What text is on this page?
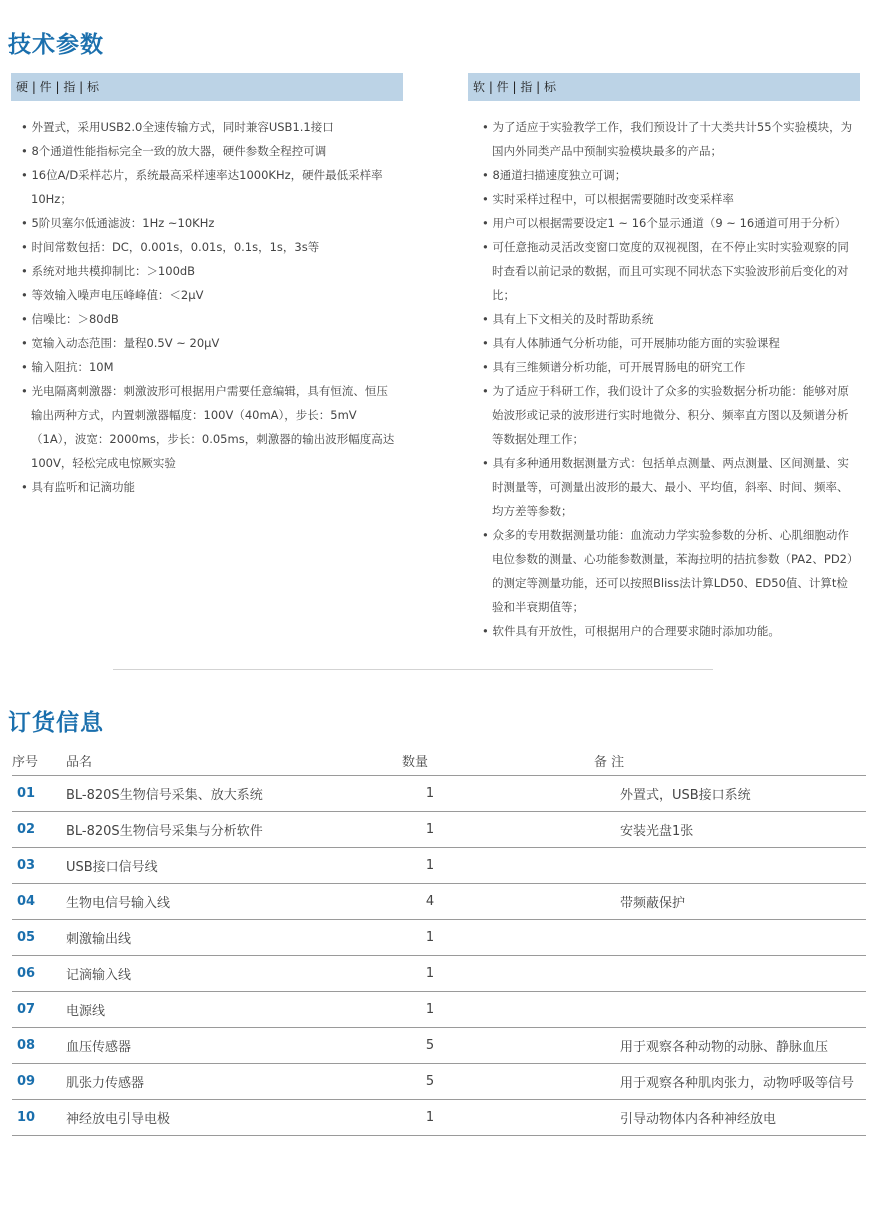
技术参数
硬 | 件 | 指 | 标
• 外置式，采用USB2.0全速传输方式，同时兼容USB1.1接口
• 8个通道性能指标完全一致的放大器，硬件参数全程控可调
• 16位A/D采样芯片，系统最高采样速率达1000KHz，硬件最低采样率10Hz；
• 5阶贝塞尔低通滤波：1Hz ~10KHz
• 时间常数包括：DC，0.001s，0.01s，0.1s，1s，3s等
• 系统对地共模抑制比：＞100dB
• 等效输入噪声电压峰峰值：＜2μV
• 信噪比：＞80dB
• 宽输入动态范围：量程0.5V ~ 20μV
• 输入阻抗：10M
• 光电隔离刺激器：刺激波形可根据用户需要任意编辑，具有恒流、恒压输出两种方式，内置刺激器幅度：100V（40mA），步长：5mV（1A），波宽：2000ms，步长：0.05ms，刺激器的输出波形幅度高达100V，轻松完成电惊厥实验
• 具有监听和记滴功能
软 | 件 | 指 | 标
• 为了适应于实验教学工作，我们预设计了十大类共计55个实验模块，为国内外同类产品中预制实验模块最多的产品；
• 8通道扫描速度独立可调；
• 实时采样过程中，可以根据需要随时改变采样率
• 用户可以根据需要设定1 ~ 16个显示通道（9 ~ 16通道可用于分析）
• 可任意拖动灵活改变窗口宽度的双视视图，在不停止实时实验观察的同时查看以前记录的数据，而且可实现不同状态下实验波形前后变化的对比；
• 具有上下文相关的及时帮助系统
• 具有人体肺通气分析功能，可开展肺功能方面的实验课程
• 具有三维频谱分析功能，可开展胃肠电的研究工作
• 为了适应于科研工作，我们设计了众多的实验数据分析功能：能够对原始波形或记录的波形进行实时地微分、积分、频率直方图以及频谱分析等数据处理工作；
• 具有多种通用数据测量方式：包括单点测量、两点测量、区间测量、实时测量等，可测量出波形的最大、最小、平均值，斜率、时间、频率、均方差等参数；
• 众多的专用数据测量功能：血流动力学实验参数的分析、心肌细胞动作电位参数的测量、心功能参数测量，苯海拉明的拮抗参数（PA2、PD2）的测定等测量功能，还可以按照Bliss法计算LD50、ED50值、计算t检验和半衰期值等；
• 软件具有开放性，可根据用户的合理要求随时添加功能。
订货信息
序号	品名	数量		备 注
01	BL-820S生物信号采集、放大系统	1		外置式，USB接口系统
02	BL-820S生物信号采集与分析软件	1		安装光盘1张
03	USB接口信号线	1		
04	生物电信号输入线	4		带频蔽保护
05	刺激输出线	1		
06	记滴输入线	1		
07	电源线	1		
08	血压传感器	5		用于观察各种动物的动脉、静脉血压
09	肌张力传感器	5		用于观察各种肌肉张力，动物呼吸等信号
10	神经放电引导电极	1		引导动物体内各种神经放电
